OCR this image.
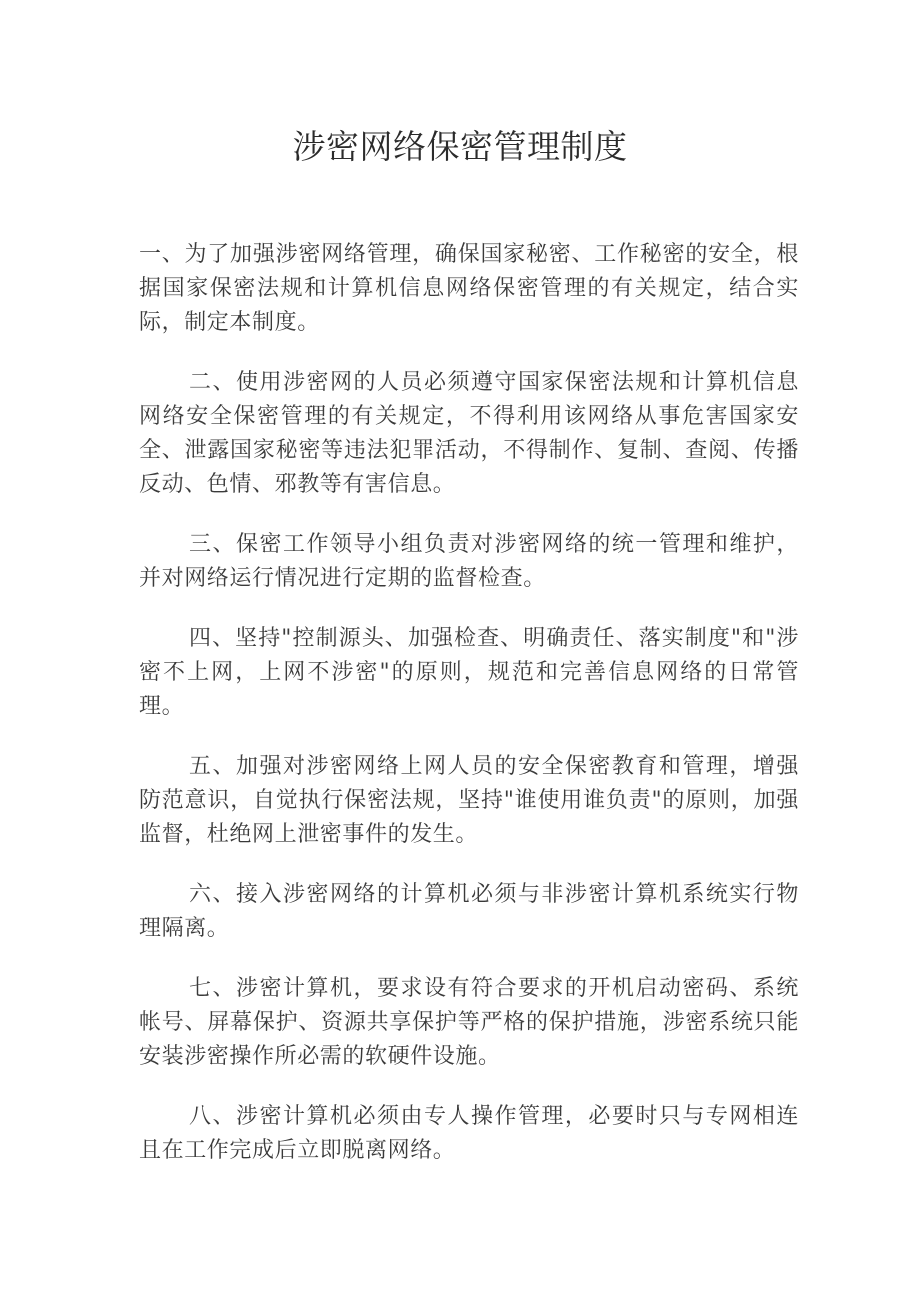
涉密网络保密管理制度

一、为了加强涉密网络管理，确保国家秘密、工作秘密的安全，根据国家保密法规和计算机信息网络保密管理的有关规定，结合实际，制定本制度。

二、使用涉密网的人员必须遵守国家保密法规和计算机信息网络安全保密管理的有关规定，不得利用该网络从事危害国家安全、泄露国家秘密等违法犯罪活动，不得制作、复制、查阅、传播反动、色情、邪教等有害信息。

三、保密工作领导小组负责对涉密网络的统一管理和维护，并对网络运行情况进行定期的监督检查。

四、坚持"控制源头、加强检查、明确责任、落实制度"和"涉密不上网，上网不涉密"的原则，规范和完善信息网络的日常管理。

五、加强对涉密网络上网人员的安全保密教育和管理，增强防范意识，自觉执行保密法规，坚持"谁使用谁负责"的原则，加强监督，杜绝网上泄密事件的发生。

六、接入涉密网络的计算机必须与非涉密计算机系统实行物理隔离。

七、涉密计算机，要求设有符合要求的开机启动密码、系统帐号、屏幕保护、资源共享保护等严格的保护措施，涉密系统只能安装涉密操作所必需的软硬件设施。

八、涉密计算机必须由专人操作管理，必要时只与专网相连且在工作完成后立即脱离网络。
